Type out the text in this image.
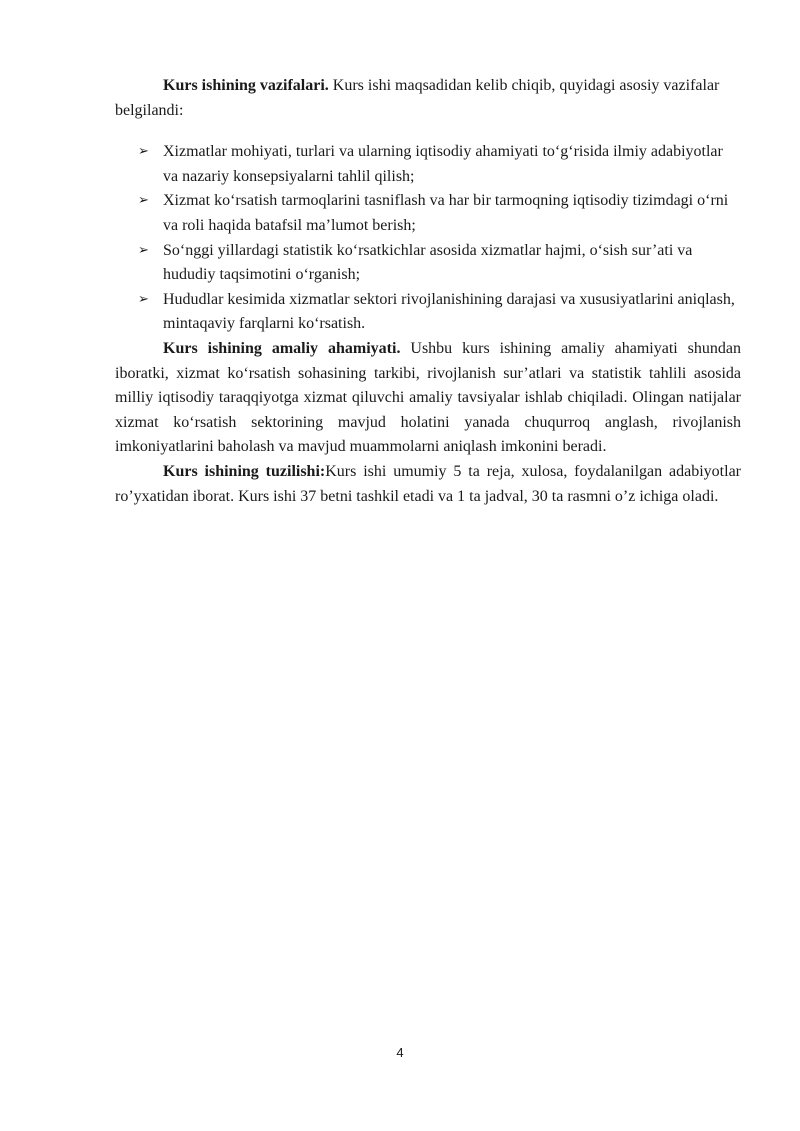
Kurs ishining vazifalari. Kurs ishi maqsadidan kelib chiqib, quyidagi asosiy vazifalar belgilandi:

➢ Xizmatlar mohiyati, turlari va ularning iqtisodiy ahamiyati to‘g‘risida ilmiy adabiyotlar va nazariy konsepsiyalarni tahlil qilish;
➢ Xizmat ko‘rsatish tarmoqlarini tasniflash va har bir tarmoqning iqtisodiy tizimdagi o‘rni va roli haqida batafsil ma’lumot berish;
➢ So‘nggi yillardagi statistik ko‘rsatkichlar asosida xizmatlar hajmi, o‘sish sur’ati va hududiy taqsimotini o‘rganish;
➢ Hududlar kesimida xizmatlar sektori rivojlanishining darajasi va xususiyatlarini aniqlash, mintaqaviy farqlarni ko‘rsatish.

Kurs ishining amaliy ahamiyati. Ushbu kurs ishining amaliy ahamiyati shundan iboratki, xizmat ko‘rsatish sohasining tarkibi, rivojlanish sur’atlari va statistik tahlili asosida milliy iqtisodiy taraqqiyotga xizmat qiluvchi amaliy tavsiyalar ishlab chiqiladi. Olingan natijalar xizmat ko‘rsatish sektorining mavjud holatini yanada chuqurroq anglash, rivojlanish imkoniyatlarini baholash va mavjud muammolarni aniqlash imkonini beradi.

Kurs ishining tuzilishi:Kurs ishi umumiy 5 ta reja, xulosa, foydalanilgan adabiyotlar ro’yxatidan iborat. Kurs ishi 37 betni tashkil etadi va 1 ta jadval, 30 ta rasmni o’z ichiga oladi.

4
